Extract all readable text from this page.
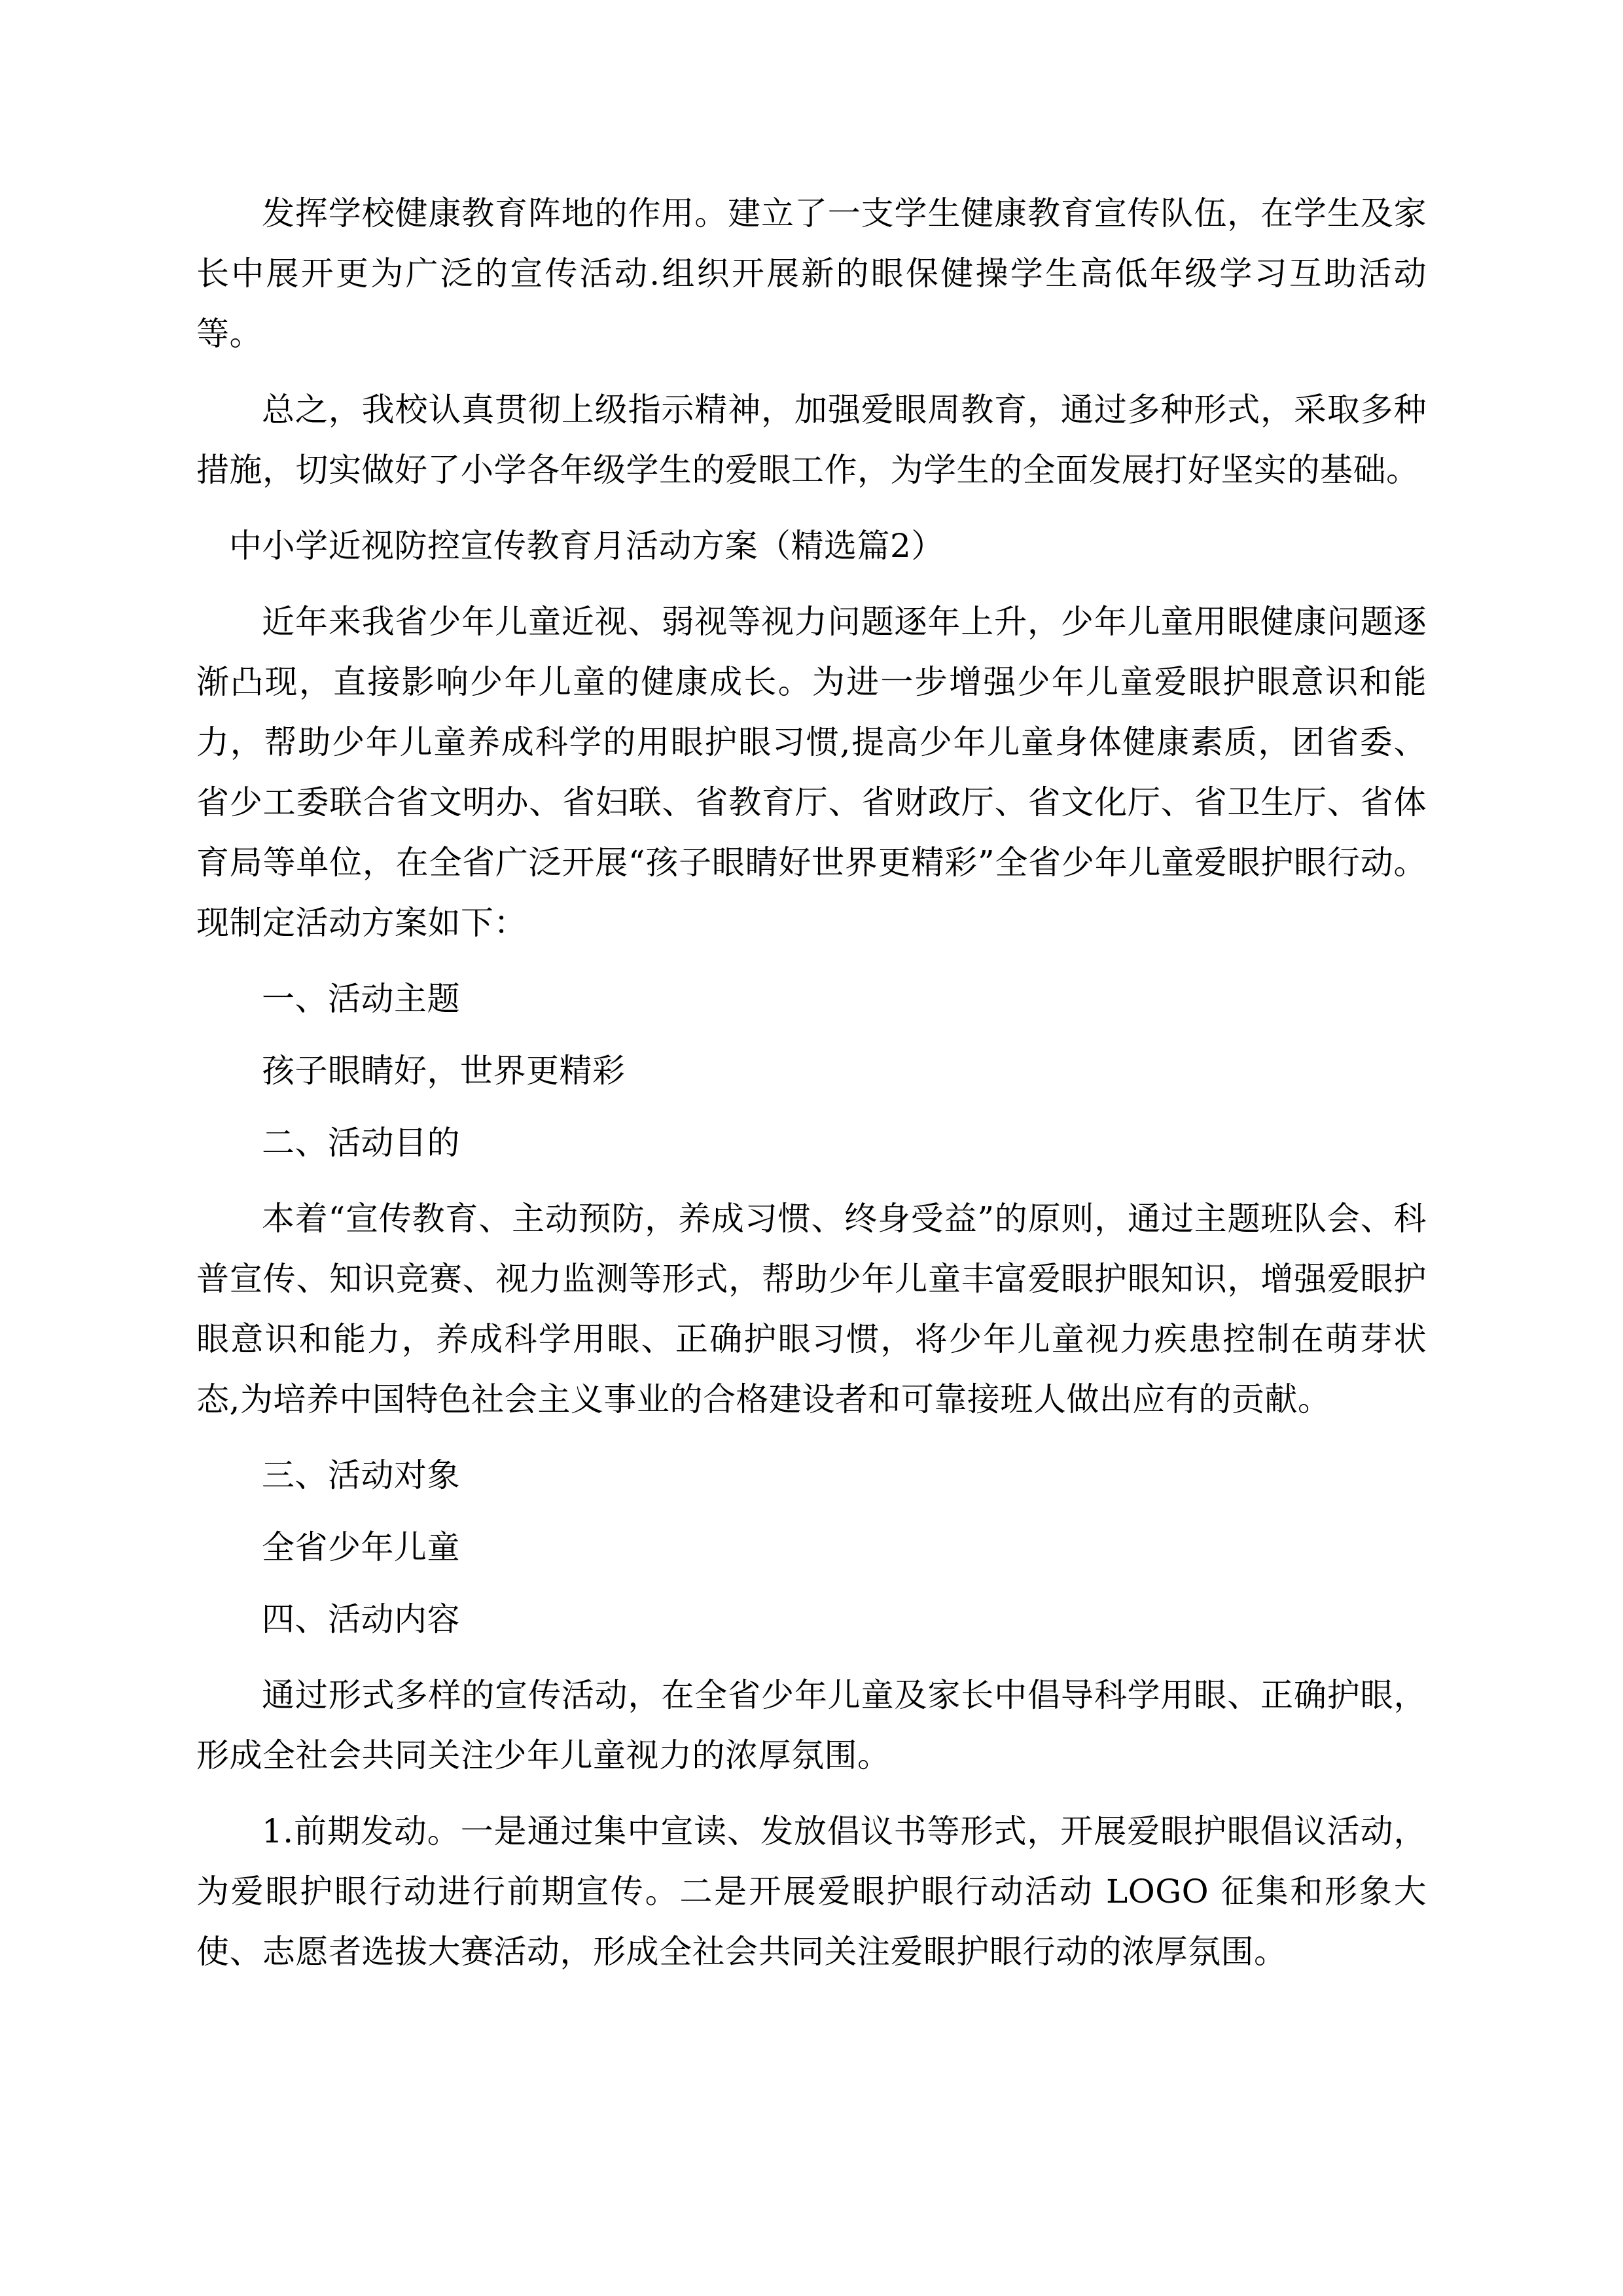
发挥学校健康教育阵地的作用。建立了一支学生健康教育宣传队伍，在学生及家长中展开更为广泛的宣传活动.组织开展新的眼保健操学生高低年级学习互助活动等。

总之，我校认真贯彻上级指示精神，加强爱眼周教育，通过多种形式，采取多种措施，切实做好了小学各年级学生的爱眼工作，为学生的全面发展打好坚实的基础。

中小学近视防控宣传教育月活动方案（精选篇2）

近年来我省少年儿童近视、弱视等视力问题逐年上升，少年儿童用眼健康问题逐渐凸现，直接影响少年儿童的健康成长。为进一步增强少年儿童爱眼护眼意识和能力，帮助少年儿童养成科学的用眼护眼习惯,提高少年儿童身体健康素质，团省委、省少工委联合省文明办、省妇联、省教育厅、省财政厅、省文化厅、省卫生厅、省体育局等单位，在全省广泛开展“孩子眼睛好世界更精彩”全省少年儿童爱眼护眼行动。现制定活动方案如下：

一、活动主题

孩子眼睛好，世界更精彩

二、活动目的

本着“宣传教育、主动预防，养成习惯、终身受益”的原则，通过主题班队会、科普宣传、知识竞赛、视力监测等形式，帮助少年儿童丰富爱眼护眼知识，增强爱眼护眼意识和能力，养成科学用眼、正确护眼习惯，将少年儿童视力疾患控制在萌芽状态,为培养中国特色社会主义事业的合格建设者和可靠接班人做出应有的贡献。

三、活动对象

全省少年儿童

四、活动内容

通过形式多样的宣传活动，在全省少年儿童及家长中倡导科学用眼、正确护眼，形成全社会共同关注少年儿童视力的浓厚氛围。

1.前期发动。一是通过集中宣读、发放倡议书等形式，开展爱眼护眼倡议活动，为爱眼护眼行动进行前期宣传。二是开展爱眼护眼行动活动 LOGO 征集和形象大使、志愿者选拔大赛活动，形成全社会共同关注爱眼护眼行动的浓厚氛围。
